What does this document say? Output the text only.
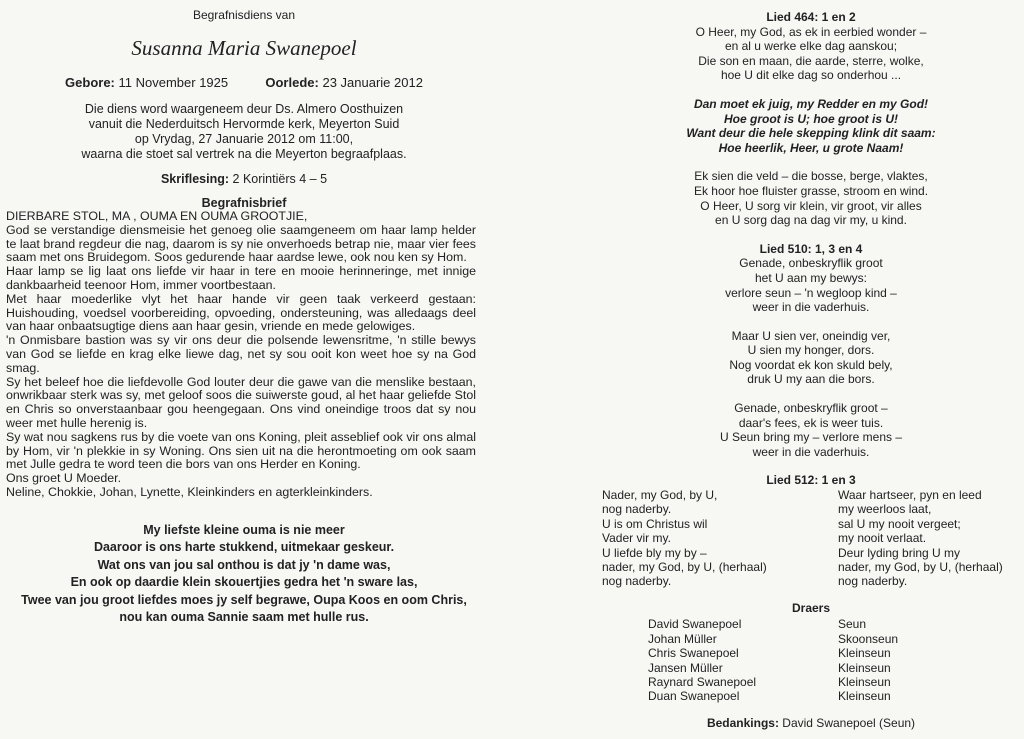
Begrafnisdiens van
Susanna Maria Swanepoel
Gebore: 11 November 1925	Oorlede: 23 Januarie 2012
Die diens word waargeneem deur Ds. Almero Oosthuizen
vanuit die Nederduitsch Hervormde kerk, Meyerton Suid
op Vrydag, 27 Januarie 2012 om 11:00,
waarna die stoet sal vertrek na die Meyerton begraafplaas.
Skriflesing: 2 Korintiërs 4 – 5
Begrafnisbrief

DIERBARE STOL, MA , OUMA EN OUMA GROOTJIE,

God se verstandige diensmeisie het genoeg olie saamgeneem om haar lamp helder te laat brand regdeur die nag, daarom is sy nie onverhoeds betrap nie, maar vier fees saam met ons Bruidegom. Soos gedurende haar aardse lewe, ook nou ken sy Hom.

Haar lamp se lig laat ons liefde vir haar in tere en mooie herinneringe, met innige dankbaarheid teenoor Hom, immer voortbestaan.

Met haar moederlike vlyt het haar hande vir geen taak verkeerd gestaan: Huishouding, voedsel voorbereiding, opvoeding, ondersteuning, was alledaags deel van haar onbaatsugtige diens aan haar gesin, vriende en mede gelowiges.

'n Onmisbare bastion was sy vir ons deur die polsende lewensritme, 'n stille bewys van God se liefde en krag elke liewe dag, net sy sou ooit kon weet hoe sy na God smag.

Sy het beleef hoe die liefdevolle God louter deur die gawe van die menslike bestaan, onwrikbaar sterk was sy, met geloof soos die suiwerste goud, al het haar geliefde Stol en Chris so onverstaanbaar gou heengegaan. Ons vind oneindige troos dat sy nou weer met hulle herenig is.

Sy wat nou sagkens rus by die voete van ons Koning, pleit asseblief ook vir ons almal by Hom, vir 'n plekkie in sy Woning. Ons sien uit na die herontmoeting om ook saam met Julle gedra te word teen die bors van ons Herder en Koning.

Ons groet U Moeder.

Neline, Chokkie, Johan, Lynette, Kleinkinders en agterkleinkinders.

My liefste kleine ouma is nie meer
Daaroor is ons harte stukkend, uitmekaar geskeur.
Wat ons van jou sal onthou is dat jy 'n dame was,
En ook op daardie klein skouertjies gedra het 'n sware las,
Twee van jou groot liefdes moes jy self begrawe, Oupa Koos en oom Chris,
nou kan ouma Sannie saam met hulle rus.
Lied 464: 1 en 2
O Heer, my God, as ek in eerbied wonder –
en al u werke elke dag aanskou;
Die son en maan, die aarde, sterre, wolke,
hoe U dit elke dag so onderhou ...
Dan moet ek juig, my Redder en my God!
Hoe groot is U; hoe groot is U!
Want deur die hele skepping klink dit saam:
Hoe heerlik, Heer, u grote Naam!
Ek sien die veld – die bosse, berge, vlaktes,
Ek hoor hoe fluister grasse, stroom en wind.
O Heer, U sorg vir klein, vir groot, vir alles
en U sorg dag na dag vir my, u kind.
Lied 510: 1, 3 en 4
Genade, onbeskryflik groot
het U aan my bewys:
verlore seun – 'n wegloop kind –
weer in die vaderhuis.
Maar U sien ver, oneindig ver,
U sien my honger, dors.
Nog voordat ek kon skuld bely,
druk U my aan die bors.
Genade, onbeskryflik groot –
daar's fees, ek is weer tuis.
U Seun bring my – verlore mens –
weer in die vaderhuis.
Lied 512: 1 en 3
Nader, my God, by U,
nog naderby.
U is om Christus wil
Vader vir my.
U liefde bly my by –
nader, my God, by U, (herhaal)
nog naderby.
Waar hartseer, pyn en leed
my weerloos laat,
sal U my nooit vergeet;
my nooit verlaat.
Deur lyding bring U my
nader, my God, by U, (herhaal)
nog naderby.
Draers
David Swanepoel	Seun
Johan Müller	Skoonseun
Chris Swanepoel	Kleinseun
Jansen Müller	Kleinseun
Raynard Swanepoel	Kleinseun
Duan Swanepoel	Kleinseun
Bedankings: David Swanepoel (Seun)
